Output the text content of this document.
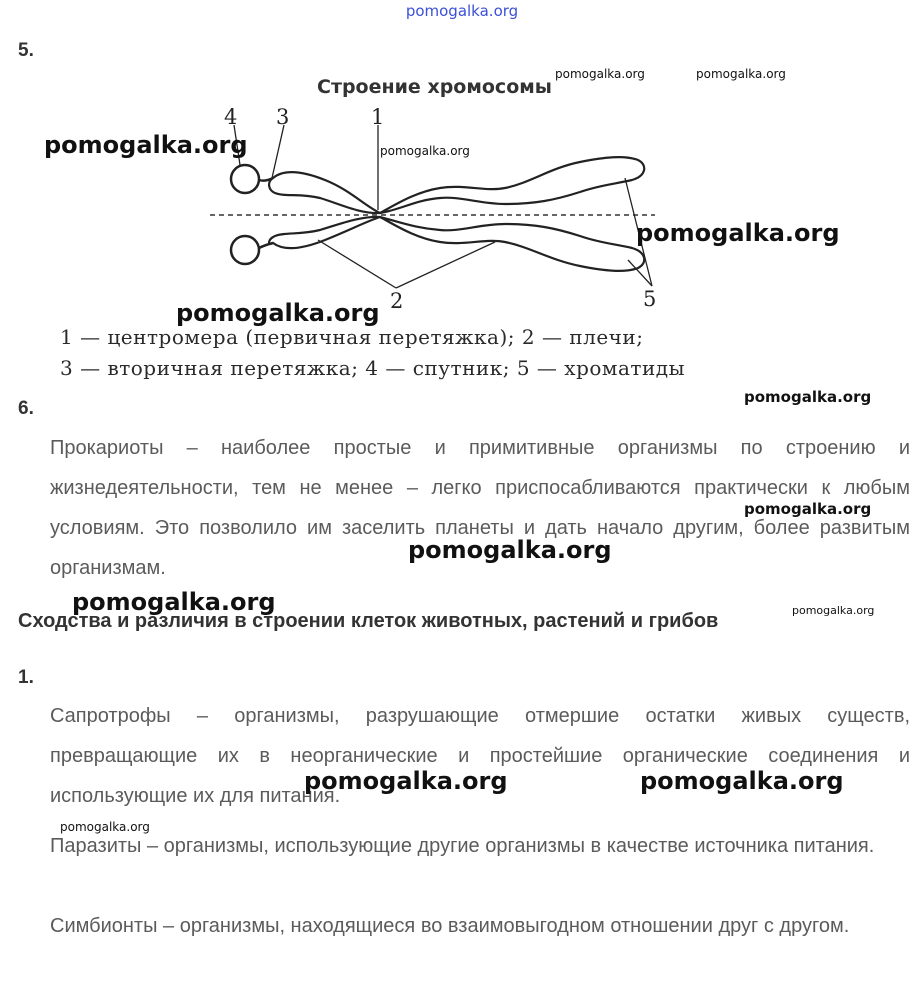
pomogalka.org
5.
Строение хромосомы
4 3	1
2	5
1 — центромера (первичная перетяжка); 2 — плечи;
3 — вторичная перетяжка; 4 — спутник; 5 — хроматиды
6.
Прокариоты – наиболее простые и примитивные организмы по строению и жизнедеятельности, тем не менее – легко приспосабливаются практически к любым условиям. Это позволило им заселить планеты и дать начало другим, более развитым организмам.
Сходства и различия в строении клеток животных, растений и грибов
1.
Сапротрофы – организмы, разрушающие отмершие остатки живых существ, превращающие их в неорганические и простейшие органические соединения и использующие их для питания.
Паразиты – организмы, использующие другие организмы в качестве источника питания.
Симбионты – организмы, находящиеся во взаимовыгодном отношении друг с другом.
pomogalka.org
pomogalka.org
pomogalka.org
pomogalka.org
pomogalka.org
pomogalka.org	pomogalka.org
pomogalka.org	pomogalka.org
pomogalka.org
pomogalka.org
pomogalka.org
pomogalka.org
pomogalka.org
